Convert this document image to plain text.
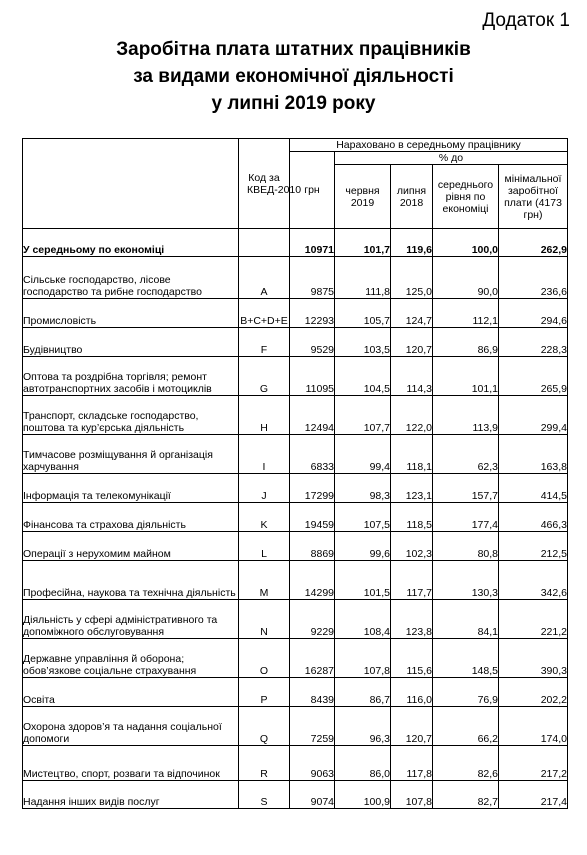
Додаток 1
Заробітна плата штатних працівників
за видами економічної діяльності
у липні 2019 року

	Код за КВЕД-2010	Нараховано в середньому працівнику				
		грн	% до			

			червня 2019	липня 2018	середнього рівня по економіці	мінімальної заробітної плати (4173 грн)

У середньому по економіці		10971	101,7	119,6	100,0	262,9
Сільське господарство, лісове господарство та рибне господарство	A	9875	111,8	125,0	90,0	236,6
Промисловість	B+C+D+E	12293	105,7	124,7	112,1	294,6
Будівництво	F	9529	103,5	120,7	86,9	228,3
Оптова та роздрібна торгівля; ремонт автотранспортних засобів і мотоциклів	G	11095	104,5	114,3	101,1	265,9
Транспорт, складське господарство, поштова та кур’єрська діяльність	H	12494	107,7	122,0	113,9	299,4
Тимчасове розміщування й організація харчування	I	6833	99,4	118,1	62,3	163,8
Інформація та телекомунікації	J	17299	98,3	123,1	157,7	414,5
Фінансова та страхова діяльність	K	19459	107,5	118,5	177,4	466,3
Операції з нерухомим майном	L	8869	99,6	102,3	80,8	212,5
Професійна, наукова та технічна діяльність	M	14299	101,5	117,7	130,3	342,6
Діяльність у сфері адміністративного та допоміжного обслуговування	N	9229	108,4	123,8	84,1	221,2
Державне управління й оборона; обов’язкове соціальне страхування	O	16287	107,8	115,6	148,5	390,3
Освіта	P	8439	86,7	116,0	76,9	202,2
Охорона здоров’я та надання соціальної допомоги	Q	7259	96,3	120,7	66,2	174,0
Мистецтво, спорт, розваги та відпочинок	R	9063	86,0	117,8	82,6	217,2
Надання інших видів послуг	S	9074	100,9	107,8	82,7	217,4
